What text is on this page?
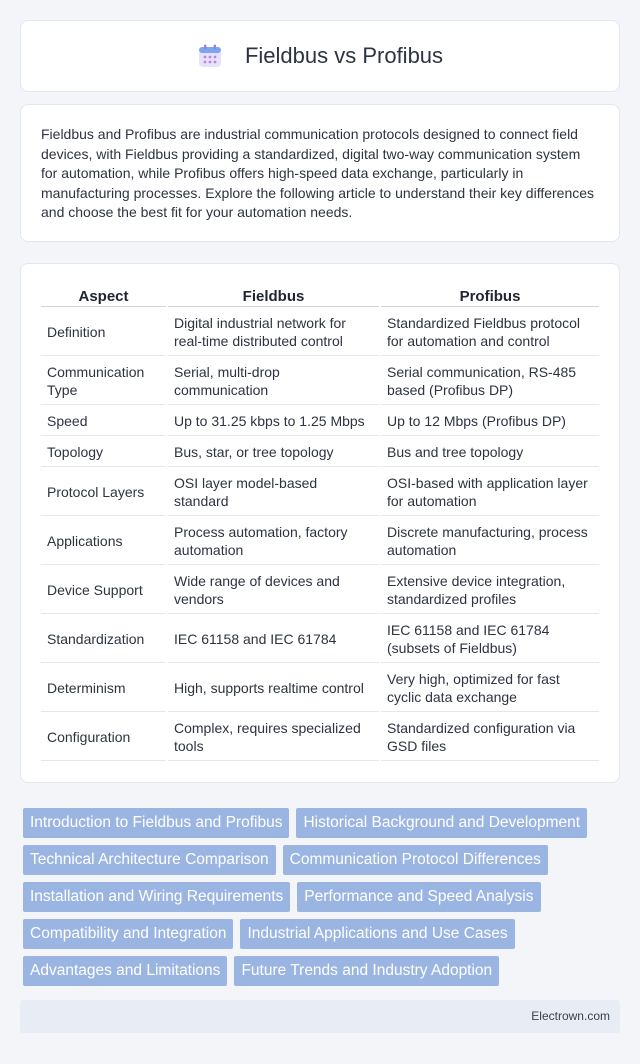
Fieldbus vs Profibus

Fieldbus and Profibus are industrial communication protocols designed to connect field devices, with Fieldbus providing a standardized, digital two-way communication system for automation, while Profibus offers high-speed data exchange, particularly in manufacturing processes. Explore the following article to understand their key differences and choose the best fit for your automation needs.

Aspect	Fieldbus	Profibus
Definition	Digital industrial network for real-time distributed control	Standardized Fieldbus protocol for automation and control
Communication Type	Serial, multi-drop communication	Serial communication, RS-485 based (Profibus DP)
Speed	Up to 31.25 kbps to 1.25 Mbps	Up to 12 Mbps (Profibus DP)
Topology	Bus, star, or tree topology	Bus and tree topology
Protocol Layers	OSI layer model-based standard	OSI-based with application layer for automation
Applications	Process automation, factory automation	Discrete manufacturing, process automation
Device Support	Wide range of devices and vendors	Extensive device integration, standardized profiles
Standardization	IEC 61158 and IEC 61784	IEC 61158 and IEC 61784 (subsets of Fieldbus)
Determinism	High, supports realtime control	Very high, optimized for fast cyclic data exchange
Configuration	Complex, requires specialized tools	Standardized configuration via GSD files
Introduction to Fieldbus and Profibus	Historical Background and Development
Technical Architecture Comparison	Communication Protocol Differences
Installation and Wiring Requirements	Performance and Speed Analysis
Compatibility and Integration	Industrial Applications and Use Cases
Advantages and Limitations	Future Trends and Industry Adoption
Electrown.com
